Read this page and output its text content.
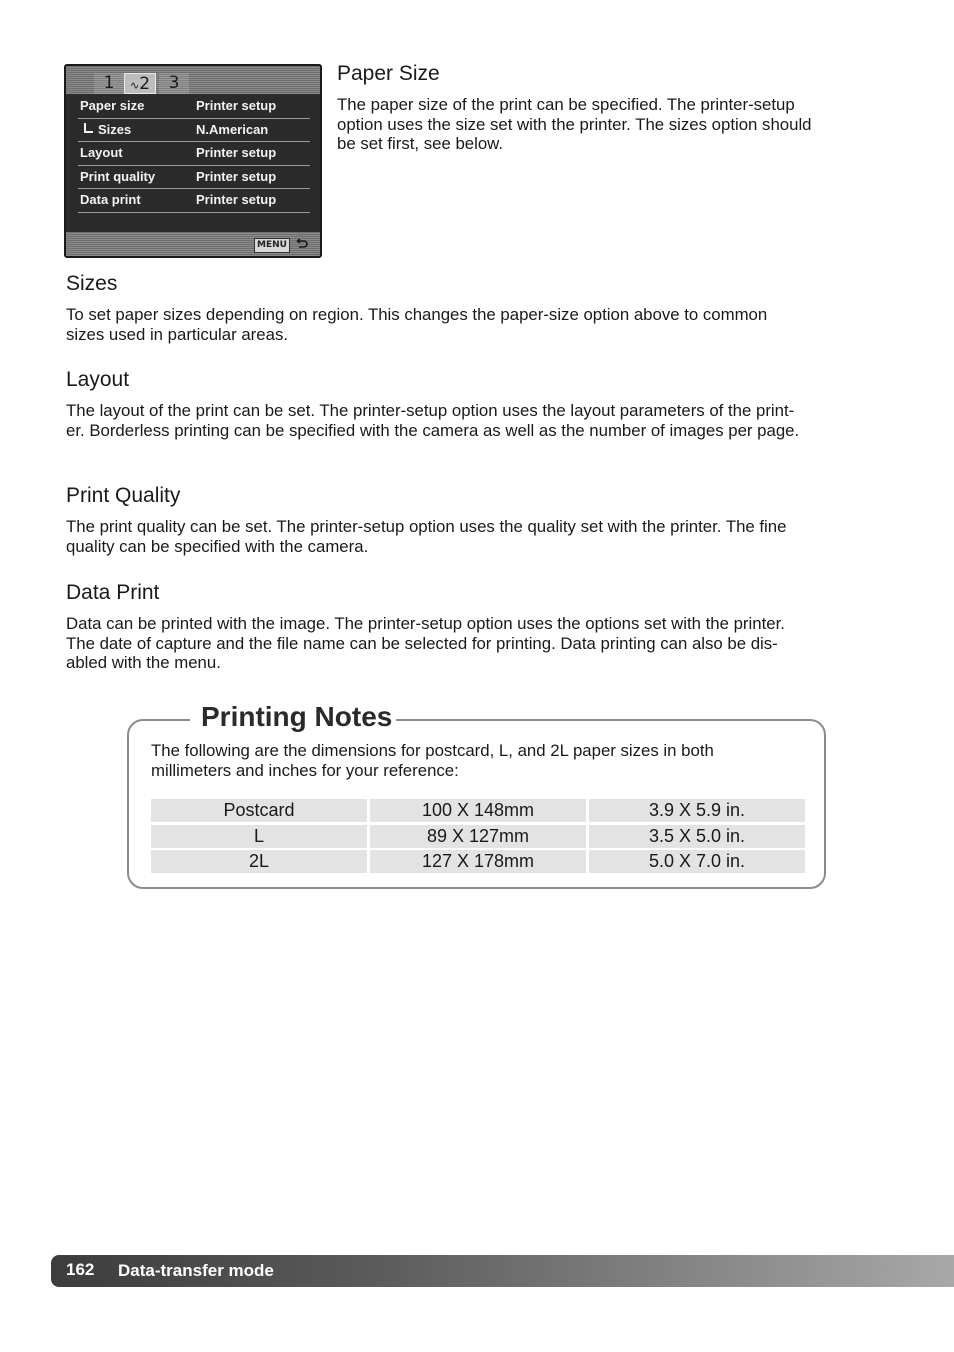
1	∿2	3
Paper size	Printer setup
Sizes	N.American
Layout	Printer setup
Print quality	Printer setup
Data print	Printer setup
MENU
Paper Size
The paper size of the print can be specified. The printer-setup
option uses the size set with the printer. The sizes option should
be set first, see below.
Sizes
To set paper sizes depending on region. This changes the paper-size option above to common
sizes used in particular areas.
Layout
The layout of the print can be set. The printer-setup option uses the layout parameters of the print-
er. Borderless printing can be specified with the camera as well as the number of images per page.
Print Quality
The print quality can be set. The printer-setup option uses the quality set with the printer. The fine
quality can be specified with the camera.
Data Print
Data can be printed with the image. The printer-setup option uses the options set with the printer.
The date of capture and the file name can be selected for printing. Data printing can also be dis-
abled with the menu.
Printing Notes
The following are the dimensions for postcard, L, and 2L paper sizes in both
millimeters and inches for your reference:
Postcard	100 X 148mm	3.9 X 5.9 in.
L	89 X 127mm	3.5 X 5.0 in.
2L	127 X 178mm	5.0 X 7.0 in.
162 Data-transfer mode
